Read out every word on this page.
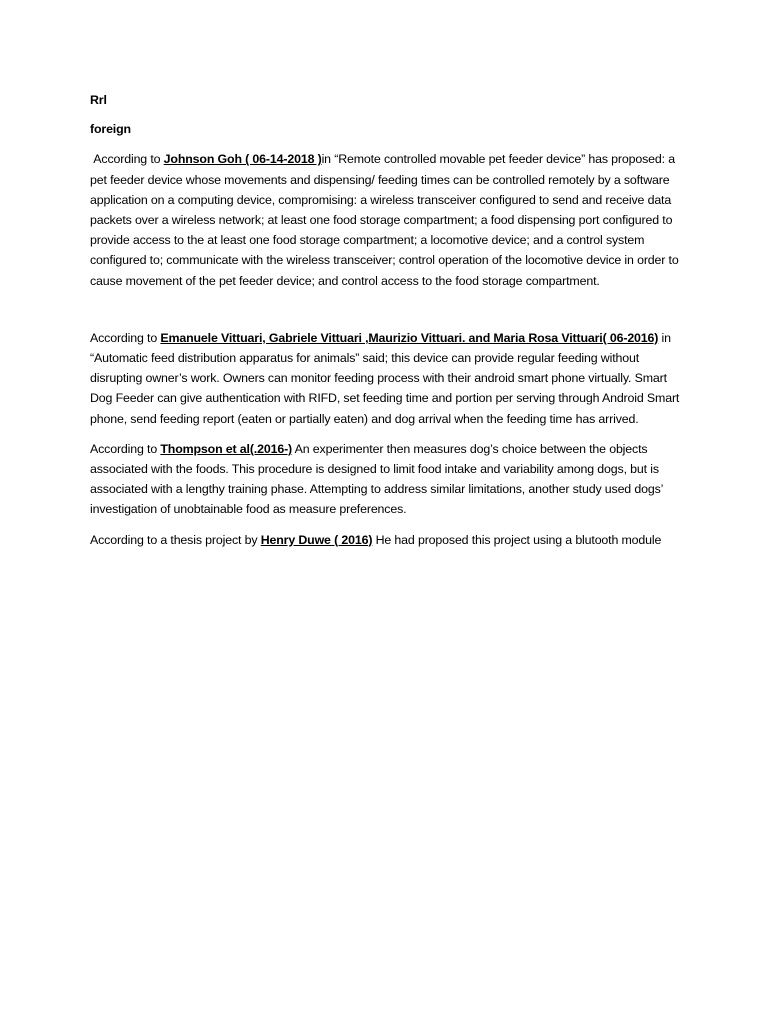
Rrl

foreign

According to Johnson Goh ( 06-14-2018 )in “Remote controlled movable pet feeder device” has proposed: a pet feeder device whose movements and dispensing/ feeding times can be controlled remotely by a software application on a computing device, compromising: a wireless transceiver configured to send and receive data packets over a wireless network; at least one food storage compartment; a food dispensing port configured to provide access to the at least one food storage compartment; a locomotive device; and a control system configured to; communicate with the wireless transceiver; control operation of the locomotive device in order to cause movement of the pet feeder device; and control access to the food storage compartment.

According to Emanuele Vittuari, Gabriele Vittuari ,Maurizio Vittuari. and Maria Rosa Vittuari( 06-2016) in “Automatic feed distribution apparatus for animals” said; this device can provide regular feeding without disrupting owner’s work. Owners can monitor feeding process with their android smart phone virtually. Smart Dog Feeder can give authentication with RIFD, set feeding time and portion per serving through Android Smart phone, send feeding report (eaten or partially eaten) and dog arrival when the feeding time has arrived.

According to Thompson et al(.2016-) An experimenter then measures dog’s choice between the objects associated with the foods. This procedure is designed to limit food intake and variability among dogs, but is associated with a lengthy training phase. Attempting to address similar limitations, another study used dogs’ investigation of unobtainable food as measure preferences.

According to a thesis project by Henry Duwe ( 2016) He had proposed this project using a blutooth module
